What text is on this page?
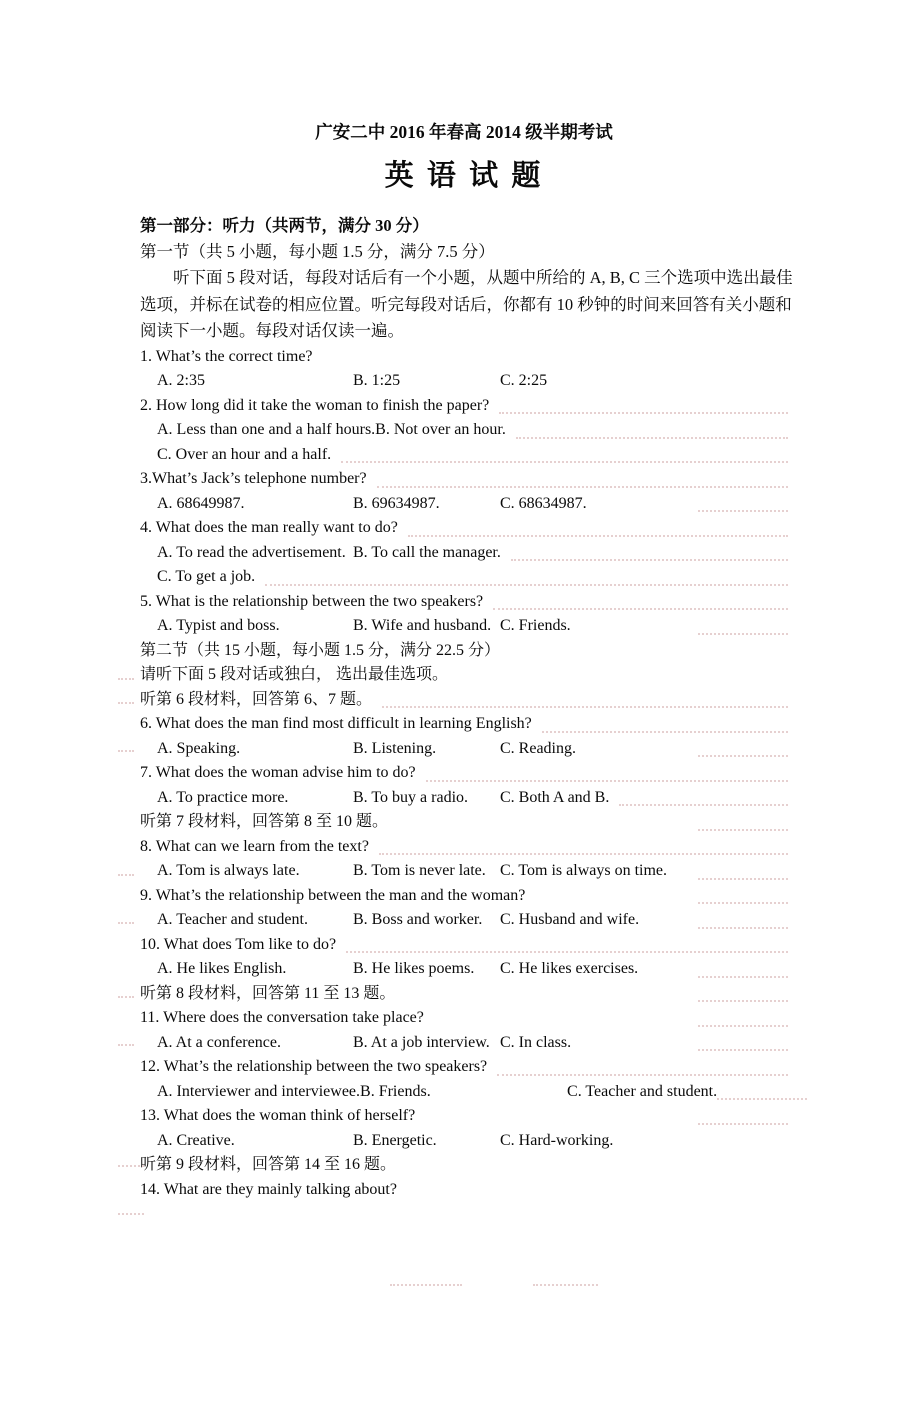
广安二中 2016 年春高 2014 级半期考试
英 语 试 题
第一部分：听力（共两节，满分 30 分）
第一节（共 5 小题，每小题 1.5 分，满分 7.5 分）
听下面 5 段对话，每段对话后有一个小题，从题中所给的 A, B, C 三个选项中选出最佳
选项，并标在试卷的相应位置。听完每段对话后，你都有 10 秒钟的时间来回答有关小题和
阅读下一小题。每段对话仅读一遍。
1. What’s the correct time?
A. 2:35	B. 1:25	C. 2:25
2. How long did it take the woman to finish the paper?
A. Less than one and a half hours. B. Not over an hour.
C. Over an hour and a half.
3.What’s Jack’s telephone number?
A. 68649987.	B. 69634987.	C. 68634987.
4. What does the man really want to do?
A. To read the advertisement. B. To call the manager.
C. To get a job.
5. What is the relationship between the two speakers?
A. Typist and boss.	B. Wife and husband. C. Friends.
第二节（共 15 小题，每小题 1.5 分，满分 22.5 分）
请听下面 5 段对话或独白， 选出最佳选项。
听第 6 段材料，回答第 6、7 题。
6. What does the man find most difficult in learning English?
A. Speaking.	B. Listening.	C. Reading.
7. What does the woman advise him to do?
A. To practice more.	B. To buy a radio.	C. Both A and B.
听第 7 段材料，回答第 8 至 10 题。
8. What can we learn from the text?
A. Tom is always late.	B. Tom is never late. C. Tom is always on time.
9. What’s the relationship between the man and the woman?
A. Teacher and student.	B. Boss and worker.	C. Husband and wife.
10. What does Tom like to do?
A. He likes English.	B. He likes poems.	C. He likes exercises.
听第 8 段材料，回答第 11 至 13 题。
11. Where does the conversation take place?
A. At a conference.	B. At a job interview. C. In class.
12. What’s the relationship between the two speakers?
A. Interviewer and interviewee. B. Friends.	C. Teacher and student.
13. What does the woman think of herself?
A. Creative.	B. Energetic.	C. Hard-working.
听第 9 段材料，回答第 14 至 16 题。
14. What are they mainly talking about?
